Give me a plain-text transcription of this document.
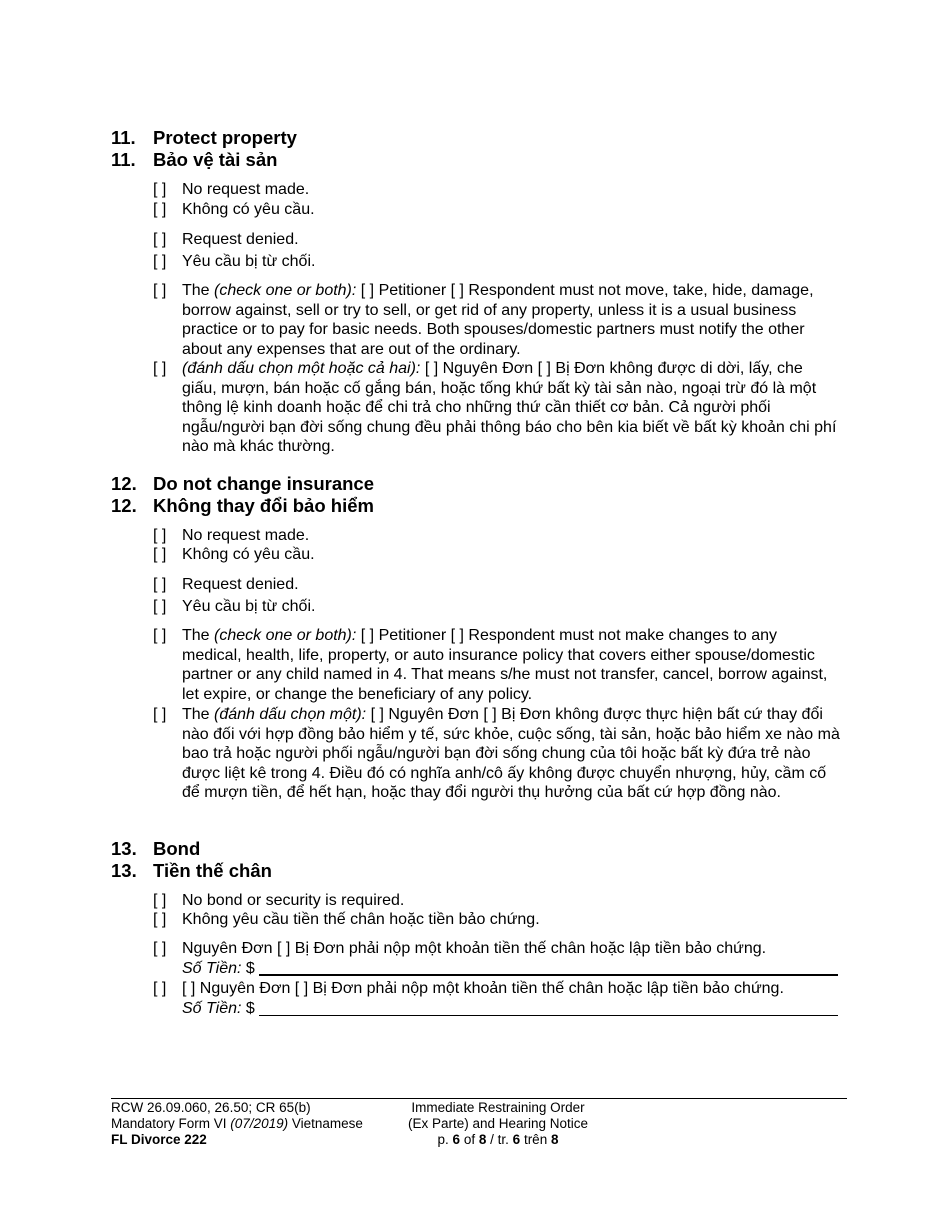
11. Protect property
11. Bảo vệ tài sản
[ ] No request made.
[ ] Không có yêu cầu.
[ ] Request denied.
[ ] Yêu cầu bị từ chối.
[ ] The (check one or both): [ ] Petitioner [ ] Respondent must not move, take, hide, damage, borrow against, sell or try to sell, or get rid of any property, unless it is a usual business practice or to pay for basic needs. Both spouses/domestic partners must notify the other about any expenses that are out of the ordinary.
[ ] (đánh dấu chọn một hoặc cả hai): [ ] Nguyên Đơn [ ] Bị Đơn không được di dời, lấy, che giấu, mượn, bán hoặc cố gắng bán, hoặc tống khứ bất kỳ tài sản nào, ngoại trừ đó là một thông lệ kinh doanh hoặc để chi trả cho những thứ cần thiết cơ bản. Cả người phối ngẫu/người bạn đời sống chung đều phải thông báo cho bên kia biết về bất kỳ khoản chi phí nào mà khác thường.
12. Do not change insurance
12. Không thay đổi bảo hiểm
[ ] No request made.
[ ] Không có yêu cầu.
[ ] Request denied.
[ ] Yêu cầu bị từ chối.
[ ] The (check one or both): [ ] Petitioner [ ] Respondent must not make changes to any medical, health, life, property, or auto insurance policy that covers either spouse/domestic partner or any child named in 4. That means s/he must not transfer, cancel, borrow against, let expire, or change the beneficiary of any policy.
[ ] The (đánh dấu chọn một): [ ] Nguyên Đơn [ ] Bị Đơn không được thực hiện bất cứ thay đổi nào đối với hợp đồng bảo hiểm y tế, sức khỏe, cuộc sống, tài sản, hoặc bảo hiểm xe nào mà bao trả hoặc người phối ngẫu/người bạn đời sống chung của tôi hoặc bất kỳ đứa trẻ nào được liệt kê trong 4. Điều đó có nghĩa anh/cô ấy không được chuyển nhượng, hủy, cầm cố để mượn tiền, để hết hạn, hoặc thay đổi người thụ hưởng của bất cứ hợp đồng nào.
13. Bond
13. Tiền thế chân
[ ] No bond or security is required.
[ ] Không yêu cầu tiền thế chân hoặc tiền bảo chứng.
[ ] Nguyên Đơn [ ] Bị Đơn phải nộp một khoản tiền thế chân hoặc lập tiền bảo chứng.
Số Tiền: $
[ ] [ ] Nguyên Đơn [ ] Bị Đơn phải nộp một khoản tiền thế chân hoặc lập tiền bảo chứng.
Số Tiền: $
RCW 26.09.060, 26.50; CR 65(b)
Mandatory Form VI (07/2019) Vietnamese
FL Divorce 222
Immediate Restraining Order
(Ex Parte) and Hearing Notice
p. 6 of 8 / tr. 6 trên 8
